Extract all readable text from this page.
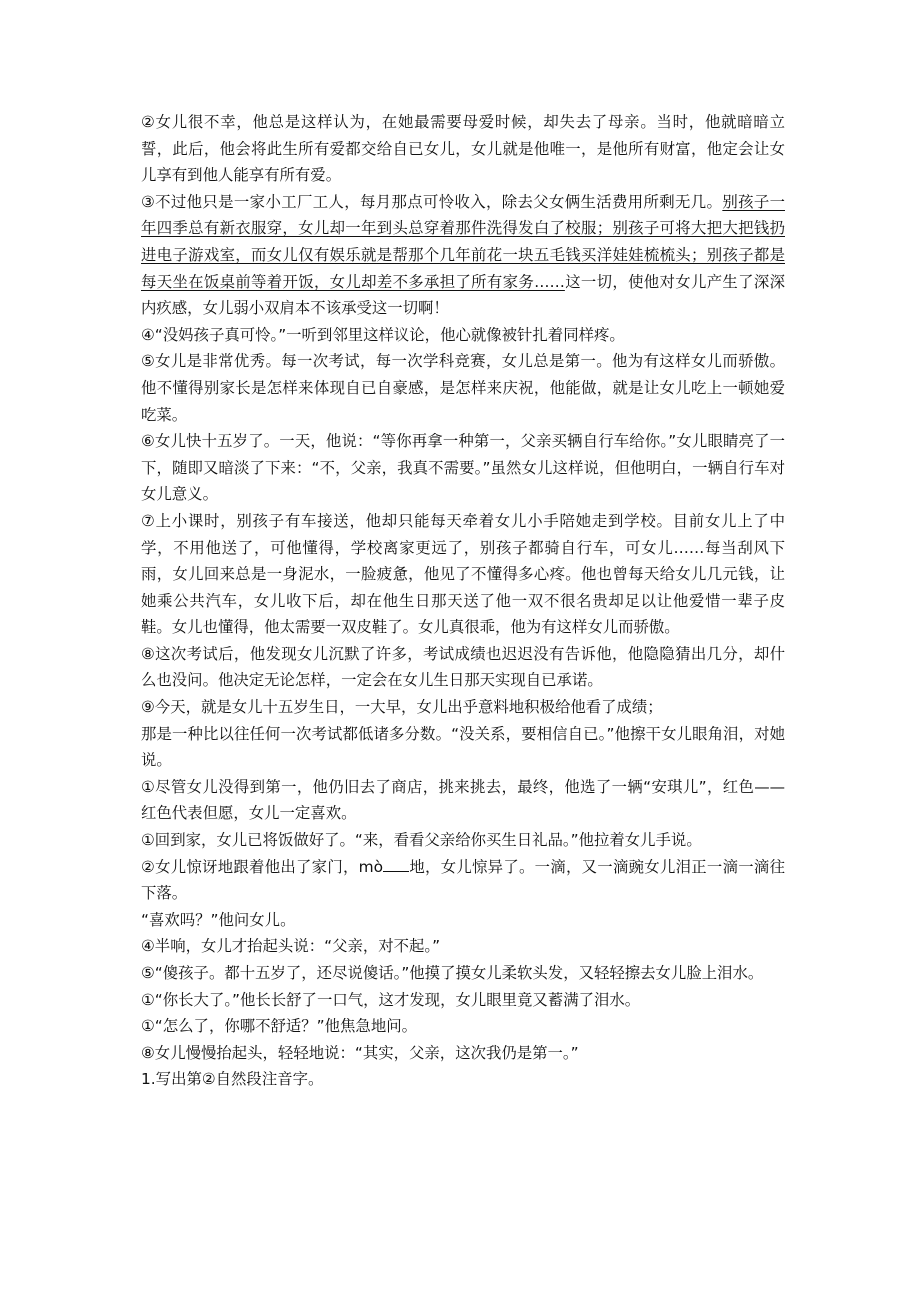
②女儿很不幸，他总是这样认为，在她最需要母爱时候，却失去了母亲。当时，他就暗暗立誓，此后，他会将此生所有爱都交给自已女儿，女儿就是他唯一，是他所有财富，他定会让女儿享有到他人能享有所有爱。

③不过他只是一家小工厂工人，每月那点可怜收入，除去父女俩生活费用所剩无几。别孩子一年四季总有新衣服穿，女儿却一年到头总穿着那件洗得发白了校服；别孩子可将大把大把钱扔进电子游戏室，而女儿仅有娱乐就是帮那个几年前花一块五毛钱买洋娃娃梳梳头；别孩子都是每天坐在饭桌前等着开饭，女儿却差不多承担了所有家务……这一切，使他对女儿产生了深深内疚感，女儿弱小双肩本不该承受这一切啊！

④“没妈孩子真可怜。”一听到邻里这样议论，他心就像被针扎着同样疼。

⑤女儿是非常优秀。每一次考试，每一次学科竞赛，女儿总是第一。他为有这样女儿而骄傲。他不懂得别家长是怎样来体现自已自豪感，是怎样来庆祝，他能做，就是让女儿吃上一顿她爱吃菜。

⑥女儿快十五岁了。一天，他说：“等你再拿一种第一，父亲买辆自行车给你。”女儿眼睛亮了一下，随即又暗淡了下来：“不，父亲，我真不需要。”虽然女儿这样说，但他明白，一辆自行车对女儿意义。

⑦上小课时，别孩子有车接送，他却只能每天牵着女儿小手陪她走到学校。目前女儿上了中学，不用他送了，可他懂得，学校离家更远了，别孩子都骑自行车，可女儿……每当刮风下雨，女儿回来总是一身泥水，一脸疲惫，他见了不懂得多心疼。他也曾每天给女儿几元钱，让她乘公共汽车，女儿收下后，却在他生日那天送了他一双不很名贵却足以让他爱惜一辈子皮鞋。女儿也懂得，他太需要一双皮鞋了。女儿真很乖，他为有这样女儿而骄傲。

⑧这次考试后，他发现女儿沉默了许多，考试成绩也迟迟没有告诉他，他隐隐猜出几分，却什么也没问。他决定无论怎样，一定会在女儿生日那天实现自已承诺。

⑨今天，就是女儿十五岁生日，一大早，女儿出乎意料地积极给他看了成绩；

那是一种比以往任何一次考试都低诸多分数。“没关系，要相信自已。”他擦干女儿眼角泪，对她说。

①尽管女儿没得到第一，他仍旧去了商店，挑来挑去，最终，他选了一辆“安琪儿”，红色——红色代表但愿，女儿一定喜欢。

①回到家，女儿已将饭做好了。“来，看看父亲给你买生日礼品。”他拉着女儿手说。

②女儿惊讶地跟着他出了家门，mò 地，女儿惊异了。一滴，又一滴豌女儿泪正一滴一滴往下落。

“喜欢吗？”他问女儿。

④半响，女儿才抬起头说：“父亲，对不起。”

⑤“傻孩子。都十五岁了，还尽说傻话。”他摸了摸女儿柔软头发，又轻轻擦去女儿脸上泪水。

①“你长大了。”他长长舒了一口气，这才发现，女儿眼里竟又蓄满了泪水。

①“怎么了，你哪不舒适？”他焦急地问。

⑧女儿慢慢抬起头，轻轻地说：“其实，父亲，这次我仍是第一。”

1.写出第②自然段注音字。
